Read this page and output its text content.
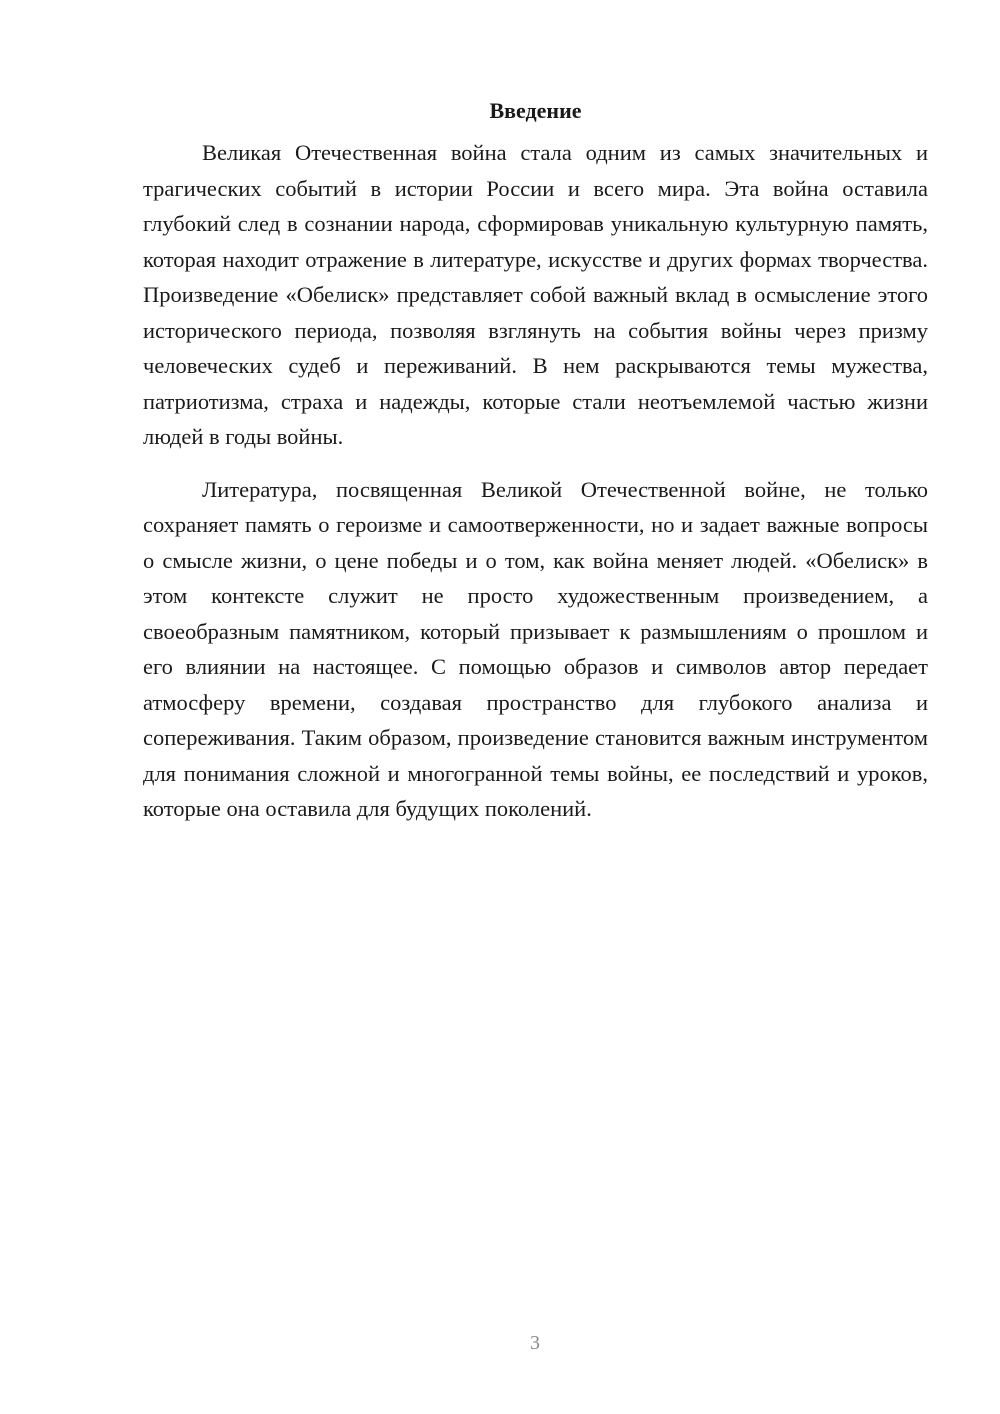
Введение

Великая Отечественная война стала одним из самых значительных и трагических событий в истории России и всего мира. Эта война оставила глубокий след в сознании народа, сформировав уникальную культурную память, которая находит отражение в литературе, искусстве и других формах творчества. Произведение «Обелиск» представляет собой важный вклад в осмысление этого исторического периода, позволяя взглянуть на события войны через призму человеческих судеб и переживаний. В нем раскрываются темы мужества, патриотизма, страха и надежды, которые стали неотъемлемой частью жизни людей в годы войны.

Литература, посвященная Великой Отечественной войне, не только сохраняет память о героизме и самоотверженности, но и задает важные вопросы о смысле жизни, о цене победы и о том, как война меняет людей. «Обелиск» в этом контексте служит не просто художественным произведением, а своеобразным памятником, который призывает к размышлениям о прошлом и его влиянии на настоящее. С помощью образов и символов автор передает атмосферу времени, создавая пространство для глубокого анализа и сопереживания. Таким образом, произведение становится важным инструментом для понимания сложной и многогранной темы войны, ее последствий и уроков, которые она оставила для будущих поколений.

3
